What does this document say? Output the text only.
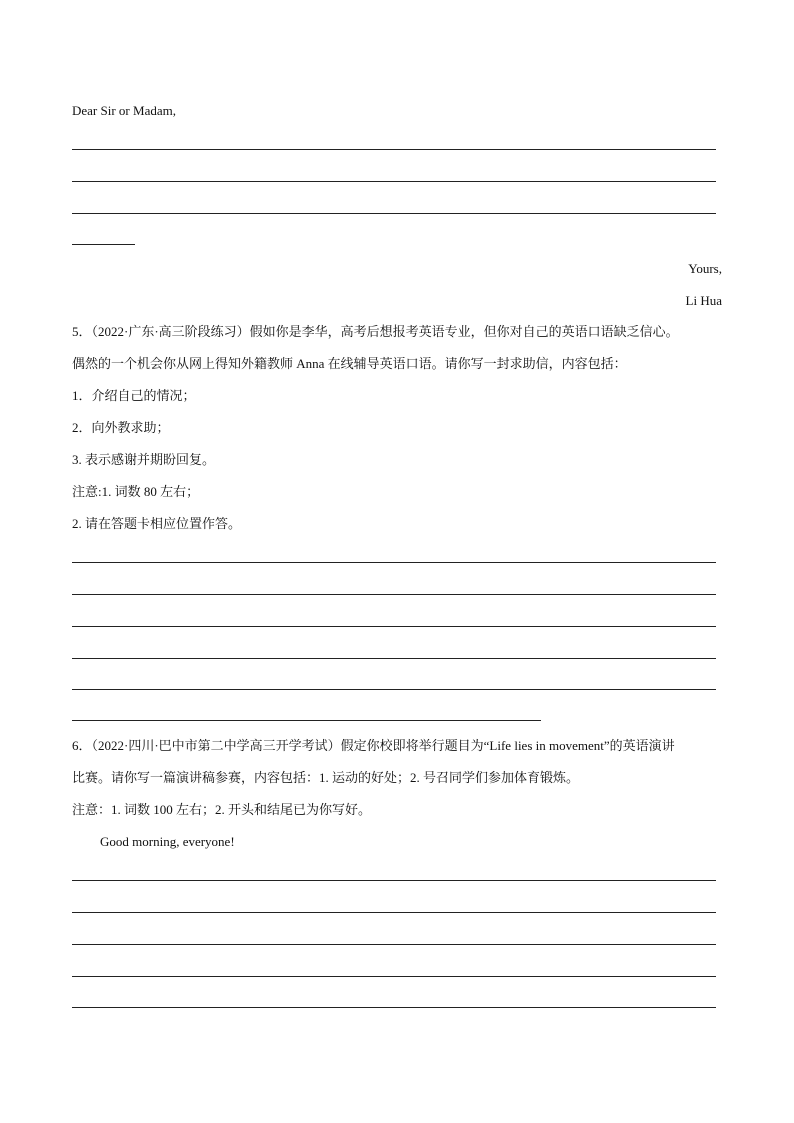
Dear Sir or Madam,
Yours,
Li Hua
5．（2022·广东·高三阶段练习）假如你是李华，高考后想报考英语专业，但你对自己的英语口语缺乏信心。
偶然的一个机会你从网上得知外籍教师 Anna 在线辅导英语口语。请你写一封求助信，内容包括：
1．介绍自己的情况；
2．向外教求助；
3. 表示感谢并期盼回复。
注意:1. 词数 80 左右；
2. 请在答题卡相应位置作答。
6．（2022·四川·巴中市第二中学高三开学考试）假定你校即将举行题目为“Life lies in movement”的英语演讲
比赛。请你写一篇演讲稿参赛，内容包括：1. 运动的好处；2. 号召同学们参加体育锻炼。
注意：1. 词数 100 左右；2. 开头和结尾已为你写好。
Good morning, everyone!
